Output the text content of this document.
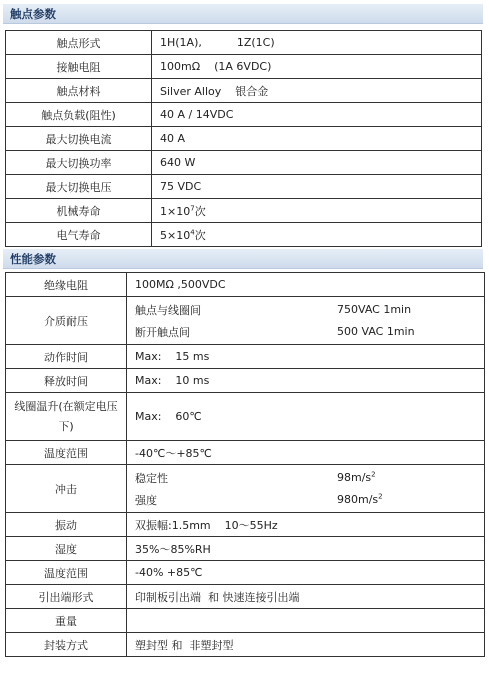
触点参数
触点形式	1H(1A),          1Z(1C)
接触电阻	100mΩ    (1A 6VDC)
触点材料	Silver Alloy    银合金
触点负载(阻性)	40 A / 14VDC
最大切换电流	40 A
最大切换功率	640 W
最大切换电压	75 VDC
机械寿命	$1\times 10^7$次
电气寿命	$5\times 10^4$次
性能参数
绝缘电阻	100MΩ ,500VDC
介质耐压	触点与线圈间 750VAC 1min
断开触点间 500 VAC 1min

动作时间	Max:    15 ms
释放时间	Max:    10 ms

线圈温升(在额定电压
下)	Max:    60℃
温度范围	-40℃～+85℃
冲击	稳定性 $98m/s^2$
强度 $980m/s^2$

振动	双振幅:1.5mm    10～55Hz
湿度	35%～85%RH
温度范围	-40% +85℃
引出端形式	印制板引出端  和 快速连接引出端
重量	
封装方式	塑封型 和  非塑封型
